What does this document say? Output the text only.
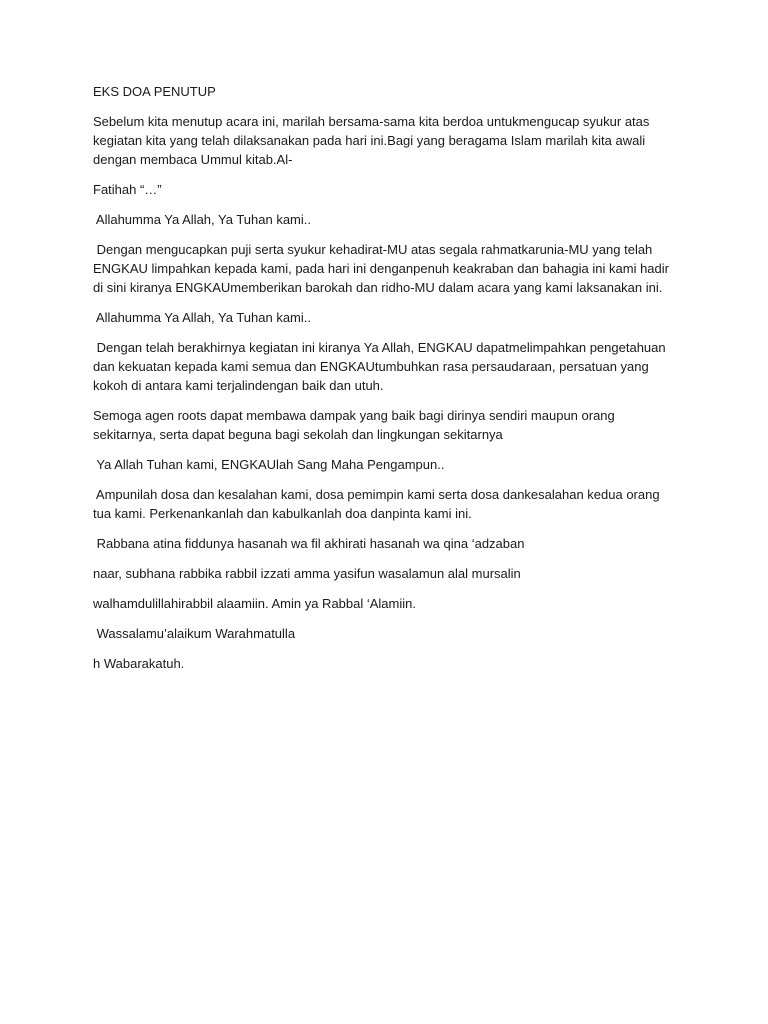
EKS DOA PENUTUP

Sebelum kita menutup acara ini, marilah bersama-sama kita berdoa untukmengucap syukur atas
kegiatan kita yang telah dilaksanakan pada hari ini.Bagi yang beragama Islam marilah kita awali
dengan membaca Ummul kitab.Al-

Fatihah “…”

Allahumma Ya Allah, Ya Tuhan kami..

Dengan mengucapkan puji serta syukur kehadirat-MU atas segala rahmatkarunia-MU yang telah
ENGKAU limpahkan kepada kami, pada hari ini denganpenuh keakraban dan bahagia ini kami hadir
di sini kiranya ENGKAUmemberikan barokah dan ridho-MU dalam acara yang kami laksanakan ini.

Allahumma Ya Allah, Ya Tuhan kami..

Dengan telah berakhirnya kegiatan ini kiranya Ya Allah, ENGKAU dapatmelimpahkan pengetahuan
dan kekuatan kepada kami semua dan ENGKAUtumbuhkan rasa persaudaraan, persatuan yang
kokoh di antara kami terjalindengan baik dan utuh.

Semoga agen roots dapat membawa dampak yang baik bagi dirinya sendiri maupun orang
sekitarnya, serta dapat beguna bagi sekolah dan lingkungan sekitarnya

Ya Allah Tuhan kami, ENGKAUlah Sang Maha Pengampun..

Ampunilah dosa dan kesalahan kami, dosa pemimpin kami serta dosa dankesalahan kedua orang
tua kami. Perkenankanlah dan kabulkanlah doa danpinta kami ini.

Rabbana atina fiddunya hasanah wa fil akhirati hasanah wa qina ‘adzaban

naar, subhana rabbika rabbil izzati amma yasifun wasalamun alal mursalin

walhamdulillahirabbil alaamiin. Amin ya Rabbal ‘Alamiin.

Wassalamu’alaikum Warahmatulla

h Wabarakatuh.
